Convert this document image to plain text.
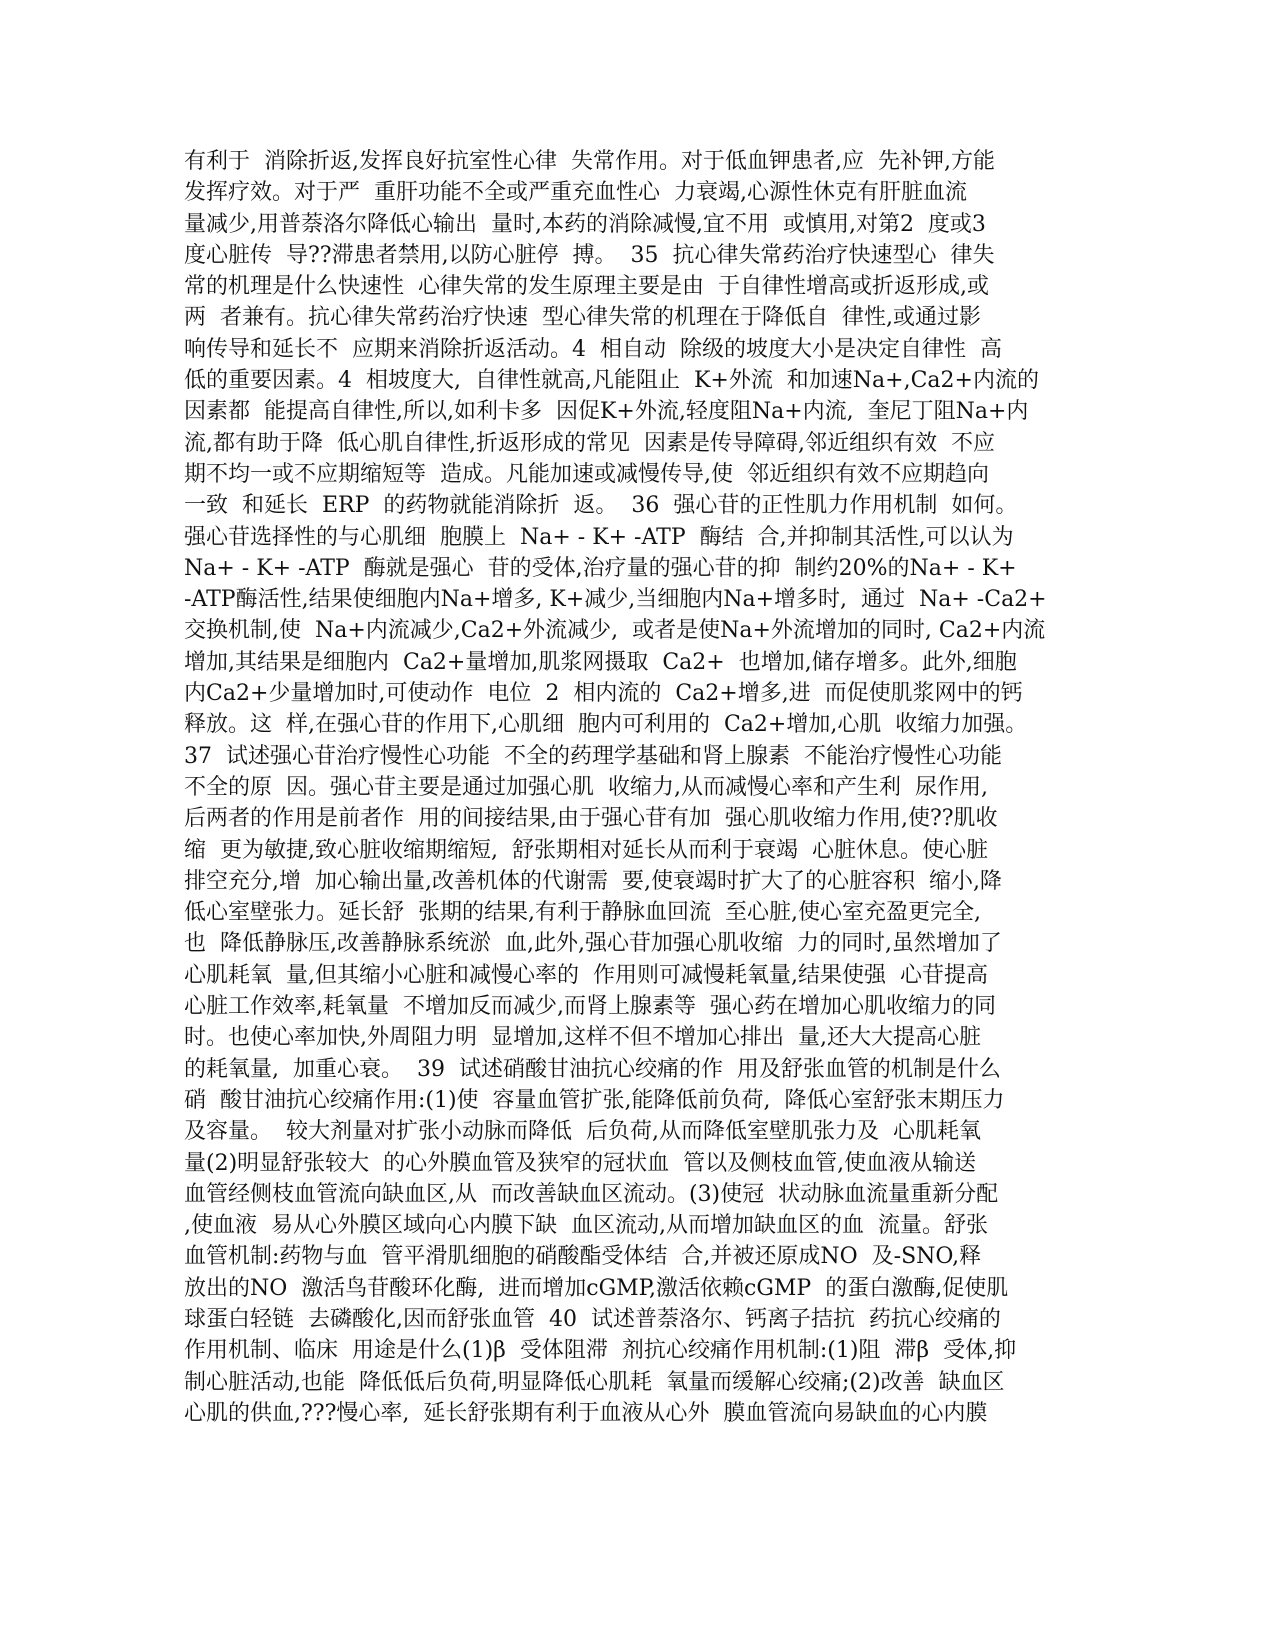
有利于  消除折返,发挥良好抗室性心律  失常作用。对于低血钾患者,应  先补钾,方能
发挥疗效。对于严  重肝功能不全或严重充血性心  力衰竭,心源性休克有肝脏血流
量减少,用普萘洛尔降低心输出  量时,本药的消除减慢,宜不用  或慎用,对第2  度或3
度心脏传  导??滞患者禁用,以防心脏停  搏。  35  抗心律失常药治疗快速型心  律失
常的机理是什么快速性  心律失常的发生原理主要是由  于自律性增高或折返形成,或
两  者兼有。抗心律失常药治疗快速  型心律失常的机理在于降低自  律性,或通过影
响传导和延长不  应期来消除折返活动。4  相自动  除级的坡度大小是决定自律性  高
低的重要因素。4  相坡度大,  自律性就高,凡能阻止  K+外流  和加速Na+,Ca2+内流的
因素都  能提高自律性,所以,如利卡多  因促K+外流,轻度阻Na+内流,  奎尼丁阻Na+内
流,都有助于降  低心肌自律性,折返形成的常见  因素是传导障碍,邻近组织有效  不应
期不均一或不应期缩短等  造成。凡能加速或减慢传导,使  邻近组织有效不应期趋向
一致  和延长  ERP  的药物就能消除折  返。  36  强心苷的正性肌力作用机制  如何。
强心苷选择性的与心肌细  胞膜上  Na+ - K+ -ATP  酶结  合,并抑制其活性,可以认为
Na+ - K+ -ATP  酶就是强心  苷的受体,治疗量的强心苷的抑  制约20%的Na+ - K+
-ATP酶活性,结果使细胞内Na+增多, K+减少,当细胞内Na+增多时,  通过  Na+ -Ca2+
交换机制,使  Na+内流减少,Ca2+外流减少,  或者是使Na+外流增加的同时, Ca2+内流
增加,其结果是细胞内  Ca2+量增加,肌浆网摄取  Ca2+  也增加,储存增多。此外,细胞
内Ca2+少量增加时,可使动作  电位  2  相内流的  Ca2+增多,进  而促使肌浆网中的钙
释放。这  样,在强心苷的作用下,心肌细  胞内可利用的  Ca2+增加,心肌  收缩力加强。
37  试述强心苷治疗慢性心功能  不全的药理学基础和肾上腺素  不能治疗慢性心功能
不全的原  因。强心苷主要是通过加强心肌  收缩力,从而减慢心率和产生利  尿作用,
后两者的作用是前者作  用的间接结果,由于强心苷有加  强心肌收缩力作用,使??肌收
缩  更为敏捷,致心脏收缩期缩短,  舒张期相对延长从而利于衰竭  心脏休息。使心脏
排空充分,增  加心输出量,改善机体的代谢需  要,使衰竭时扩大了的心脏容积  缩小,降
低心室壁张力。延长舒  张期的结果,有利于静脉血回流  至心脏,使心室充盈更完全,
也  降低静脉压,改善静脉系统淤  血,此外,强心苷加强心肌收缩  力的同时,虽然增加了
心肌耗氧  量,但其缩小心脏和减慢心率的  作用则可减慢耗氧量,结果使强  心苷提高
心脏工作效率,耗氧量  不增加反而减少,而肾上腺素等  强心药在增加心肌收缩力的同
时。也使心率加快,外周阻力明  显增加,这样不但不增加心排出  量,还大大提高心脏
的耗氧量,  加重心衰。  39  试述硝酸甘油抗心绞痛的作  用及舒张血管的机制是什么
硝  酸甘油抗心绞痛作用:(1)使  容量血管扩张,能降低前负荷,  降低心室舒张末期压力
及容量。  较大剂量对扩张小动脉而降低  后负荷,从而降低室壁肌张力及  心肌耗氧
量(2)明显舒张较大  的心外膜血管及狭窄的冠状血  管以及侧枝血管,使血液从输送
血管经侧枝血管流向缺血区,从  而改善缺血区流动。(3)使冠  状动脉血流量重新分配
,使血液  易从心外膜区域向心内膜下缺  血区流动,从而增加缺血区的血  流量。舒张
血管机制:药物与血  管平滑肌细胞的硝酸酯受体结  合,并被还原成NO  及-SNO,释
放出的NO  激活鸟苷酸环化酶,  进而增加cGMP,激活依赖cGMP  的蛋白激酶,促使肌
球蛋白轻链  去磷酸化,因而舒张血管  40  试述普萘洛尔、钙离子拮抗  药抗心绞痛的
作用机制、临床  用途是什么(1)β  受体阻滞  剂抗心绞痛作用机制:(1)阻  滞β  受体,抑
制心脏活动,也能  降低低后负荷,明显降低心肌耗  氧量而缓解心绞痛;(2)改善  缺血区
心肌的供血,???慢心率,  延长舒张期有利于血液从心外  膜血管流向易缺血的心内膜
